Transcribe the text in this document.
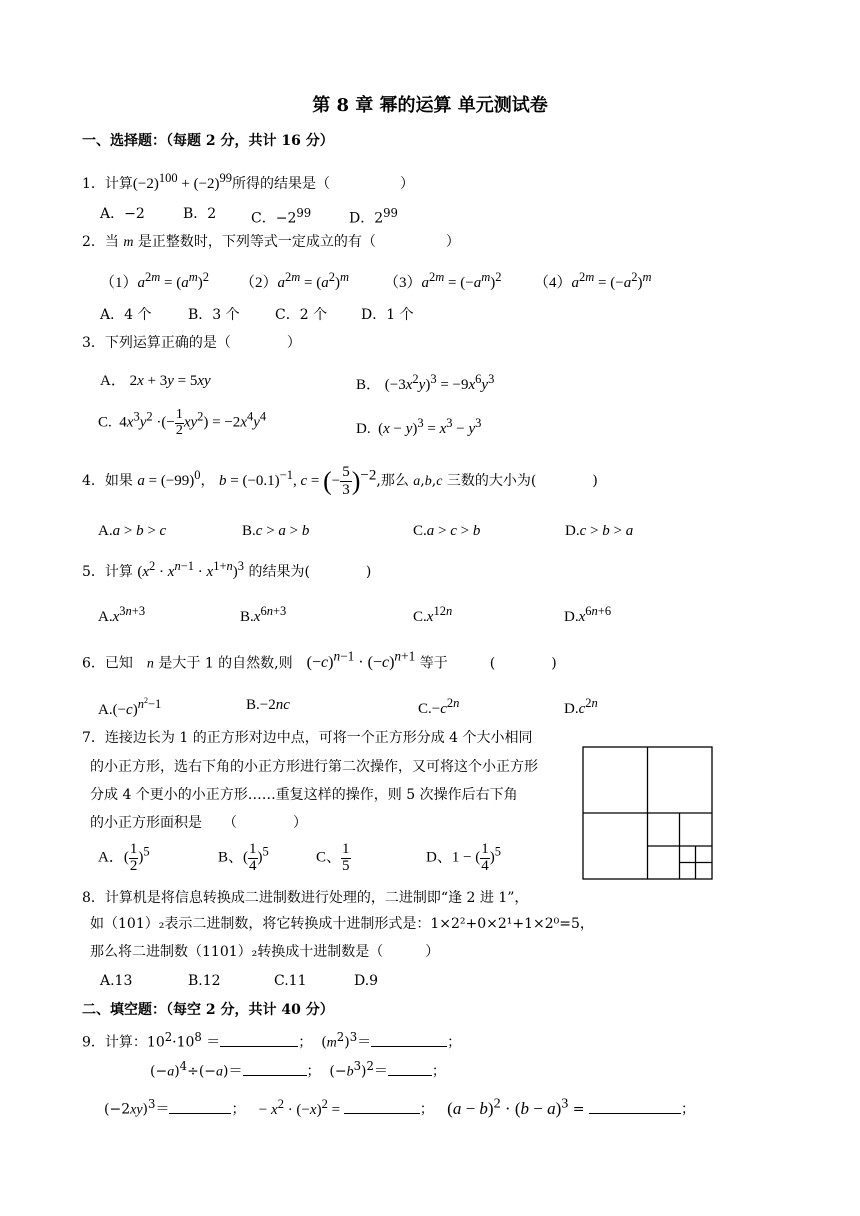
第 8 章 幂的运算 单元测试卷
一、选择题：（每题 2 分，共计 16 分）
1．计算$(-2)^{100} + (-2)^{99}$所得的结果是（　　　　　）
A．−2	B．2 C．$-2^{99}$	D．$2^{99}$
2．当 m 是正整数时，下列等式一定成立的有（　　　　　）
$(1)a^{2m} = (a^m)^2$ $(2)a^{2m} = (a^2)^m$ $(3)a^{2m} = (-a^m)^2$ $(4)a^{2m} = (-a^2)^m$
A．4 个	B．3 个	C．2 个 D．1 个
3．下列运算正确的是（　　　　）
A． 2x + 3y = 5xy	B． $(-3x^2y)^3 = -9x^6y^3$
C.  $4x^3y^2$ ·(− $\frac{1}{2} xy^2) = -2x^4y^4$
D.  $(x - y)^3 = x^3 - y^3$
4．如果 $a = (-99)^0$， $b = (-0.1)^{-1}$, c = (− $\frac{5}{3} )^{-2}$,那么 a,b,c 三数的大小为(　　　　)
A.a > b > c	B.c > a > b	C.a > c > b	D.c > b > a
5．计算 $(x^2 \cdot x^{n-1} \cdot x^{1+n})^3$ 的结果为(　　　　)
$A.x^{3n+3}$	$B.x^{6n+3}$	$C.x^{12n}$	$D.x^{6n+6}$
6．已知　n 是大于 1 的自然数,则　$(-c)^{n-1} \cdot (-c)^{n+1}$ 等于　　　(　　　　)
$A.(-c)^{n^2-1}$	B.−2nc	$C.-c^{2n}$	$D.c^{2n}$
7．连接边长为 1 的正方形对边中点，可将一个正方形分成 4 个大小相同
的小正方形，选右下角的小正方形进行第二次操作，又可将这个小正方形
分成 4 个更小的小正方形……重复这样的操作，则 5 次操作后右下角
的小正方形面积是　　（　　　　）
A．( $\frac{1}{2} )^5$	B、( $\frac{1}{4} )^5$	C、 $\frac{1}{5}$	D、1 − ( $\frac{1}{4} )^5$
8．计算机是将信息转换成二进制数进行处理的，二进制即“逢 2 进 1”，
如（101）₂表示二进制数，将它转换成十进制形式是：1×2²+0×2¹+1×2⁰=5，
那么将二进制数（1101）₂转换成十进制数是（　　　）
A.13	B.12	C.11	D.9
二、填空题：（每空 2 分，共计 40 分）
9．计算：$10^2\cdot 10^8$ ＝	；  $(m^2)^3=$	；
$(-a)^4\div(-a)=$	；  $(-b^3)^2=$	；
$(-2xy)^3=$	；   − $x^2 \cdot (-x)^2$ =	；   $(a - b)^2 \cdot (b - a)^3$ =	；
